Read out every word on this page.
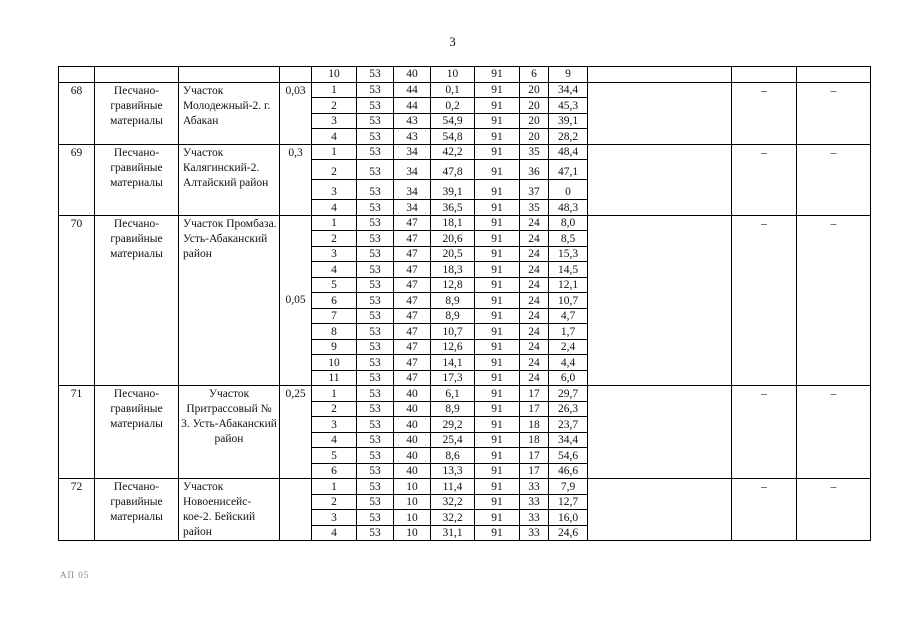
3
				10	53	40	10	91	6	9				
68	Песчано-гравийные материалы	Участок Молодежный-2. г. Абакан	0,03	1	53	44	0,1	91	20	34,4		–	–	
				2	53	44	0,2	91	20	45,3				
				3	53	43	54,9	91	20	39,1				
				4	53	43	54,8	91	20	28,2				
69	Песчано-гравийные материалы	Участок Калягинский-2. Алтайский район	0,3	1	53	34	42,2	91	35	48,4		–	–	
				2	53	34	47,8	91	36	47,1				
				3	53	34	39,1	91	37	0				
				4	53	34	36,5	91	35	48,3				
70	Песчано-гравийные материалы	Участок Промбаза. Усть-Абаканский район	0,05	1	53	47	18,1	91	24	8,0		–	–	
				2	53	47	20,6	91	24	8,5				
				3	53	47	20,5	91	24	15,3				
				4	53	47	18,3	91	24	14,5				
				5	53	47	12,8	91	24	12,1				
				6	53	47	8,9	91	24	10,7				
				7	53	47	8,9	91	24	4,7				
				8	53	47	10,7	91	24	1,7				
				9	53	47	12,6	91	24	2,4				
				10	53	47	14,1	91	24	4,4				
				11	53	47	17,3	91	24	6,0				
71	Песчано-гравийные материалы	Участок Притрассовый № 3. Усть-Абаканский район	0,25	1	53	40	6,1	91	17	29,7		–	–	
				2	53	40	8,9	91	17	26,3				
				3	53	40	29,2	91	18	23,7				
				4	53	40	25,4	91	18	34,4				
				5	53	40	8,6	91	17	54,6				
				6	53	40	13,3	91	17	46,6				
72	Песчано-гравийные материалы	Участок Новоенисейс-кое-2. Бейский район		1	53	10	11,4	91	33	7,9		–	–	
				2	53	10	32,2	91	33	12,7				
				3	53	10	32,2	91	33	16,0				
				4	53	10	31,1	91	33	24,6				
АП 05
